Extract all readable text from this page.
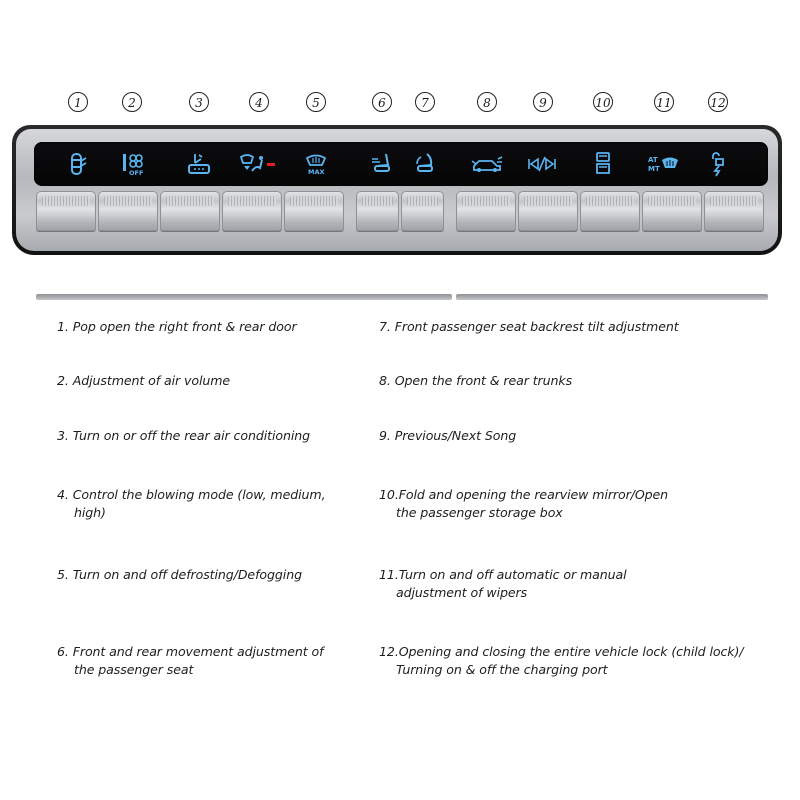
1	2	3	4	5	6	7	8	9	10	11	12
OFF	MAX
AT
MT
1. Pop open the right front & rear door
2. Adjustment of air volume
3. Turn on or off the rear air conditioning
4. Control the blowing mode (low, medium,
high)
5. Turn on and off defrosting/Defogging
6. Front and rear movement adjustment of
the passenger seat
7. Front passenger seat backrest tilt adjustment
8. Open the front & rear trunks
9. Previous/Next Song
10.Fold and opening the rearview mirror/Open
the passenger storage box
11.Turn on and off automatic or manual
adjustment of wipers
12.Opening and closing the entire vehicle lock (child lock)/
Turning on & off the charging port
